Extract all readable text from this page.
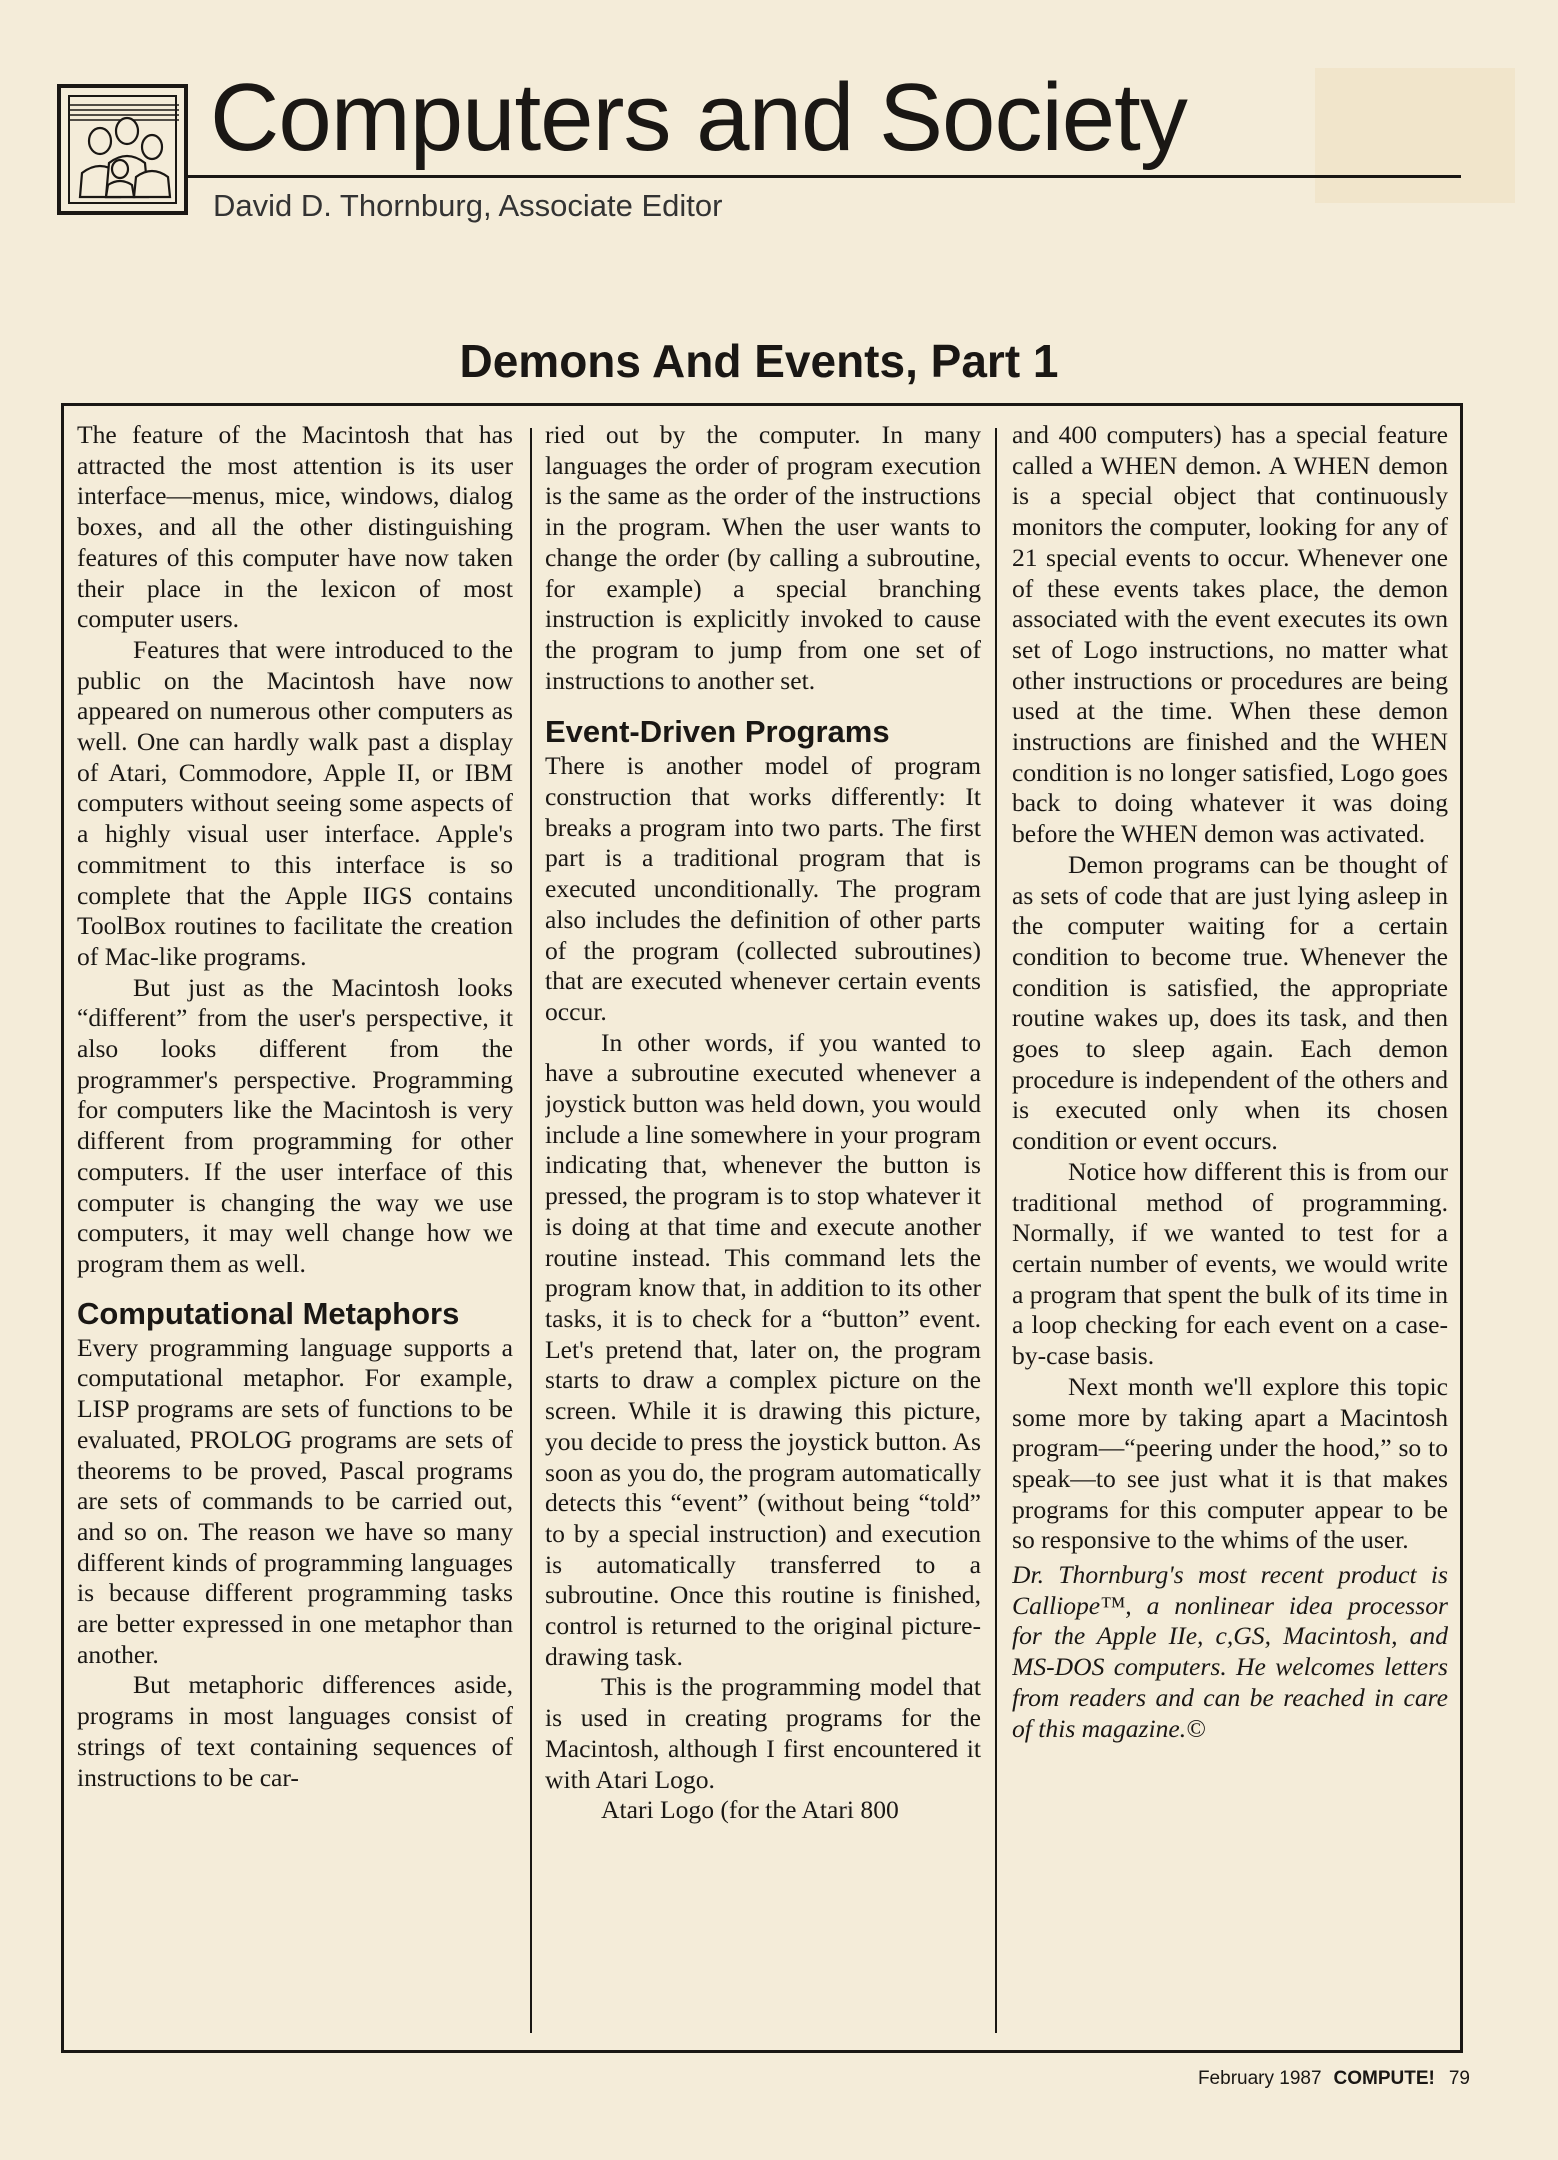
Computers and Society
David D. Thornburg, Associate Editor
Demons And Events, Part 1

The feature of the Macintosh that has attracted the most attention is its user interface—menus, mice, windows, dialog boxes, and all the other distinguishing features of this computer have now taken their place in the lexicon of most computer users.

Features that were introduced to the public on the Macintosh have now appeared on numerous other computers as well. One can hardly walk past a display of Atari, Commodore, Apple II, or IBM computers without seeing some aspects of a highly visual user interface. Apple's commitment to this interface is so complete that the Apple IIGS contains ToolBox routines to facilitate the creation of Mac-like programs.

But just as the Macintosh looks “different” from the user's perspective, it also looks different from the programmer's perspective. Programming for computers like the Macintosh is very different from programming for other computers. If the user interface of this computer is changing the way we use computers, it may well change how we program them as well.

Computational Metaphors

Every programming language supports a computational metaphor. For example, LISP programs are sets of functions to be evaluated, PROLOG programs are sets of theorems to be proved, Pascal programs are sets of commands to be carried out, and so on. The reason we have so many different kinds of programming languages is because different programming tasks are better expressed in one metaphor than another.

But metaphoric differences aside, programs in most languages consist of strings of text containing sequences of instructions to be car-

ried out by the computer. In many languages the order of program execution is the same as the order of the instructions in the program. When the user wants to change the order (by calling a subroutine, for example) a special branching instruction is explicitly invoked to cause the program to jump from one set of instructions to another set.

Event-Driven Programs

There is another model of program construction that works differently: It breaks a program into two parts. The first part is a traditional program that is executed unconditionally. The program also includes the definition of other parts of the program (collected subroutines) that are executed whenever certain events occur.

In other words, if you wanted to have a subroutine executed whenever a joystick button was held down, you would include a line somewhere in your program indicating that, whenever the button is pressed, the program is to stop whatever it is doing at that time and execute another routine instead. This command lets the program know that, in addition to its other tasks, it is to check for a “button” event. Let's pretend that, later on, the program starts to draw a complex picture on the screen. While it is drawing this picture, you decide to press the joystick button. As soon as you do, the program automatically detects this “event” (without being “told” to by a special instruction) and execution is automatically transferred to a subroutine. Once this routine is finished, control is returned to the original picture-drawing task.

This is the programming model that is used in creating programs for the Macintosh, although I first encountered it with Atari Logo.

Atari Logo (for the Atari 800

and 400 computers) has a special feature called a WHEN demon. A WHEN demon is a special object that continuously monitors the computer, looking for any of 21 special events to occur. Whenever one of these events takes place, the demon associated with the event executes its own set of Logo instructions, no matter what other instructions or procedures are being used at the time. When these demon instructions are finished and the WHEN condition is no longer satisfied, Logo goes back to doing whatever it was doing before the WHEN demon was activated.

Demon programs can be thought of as sets of code that are just lying asleep in the computer waiting for a certain condition to become true. Whenever the condition is satisfied, the appropriate routine wakes up, does its task, and then goes to sleep again. Each demon procedure is independent of the others and is executed only when its chosen condition or event occurs.

Notice how different this is from our traditional method of programming. Normally, if we wanted to test for a certain number of events, we would write a program that spent the bulk of its time in a loop checking for each event on a case-by-case basis.

Next month we'll explore this topic some more by taking apart a Macintosh program—“peering under the hood,” so to speak—to see just what it is that makes programs for this computer appear to be so responsive to the whims of the user.

Dr. Thornburg's most recent product is Calliope™, a nonlinear idea processor for the Apple IIe, c,GS, Macintosh, and MS-DOS computers. He welcomes letters from readers and can be reached in care of this magazine.©

February 1987 COMPUTE! 79
